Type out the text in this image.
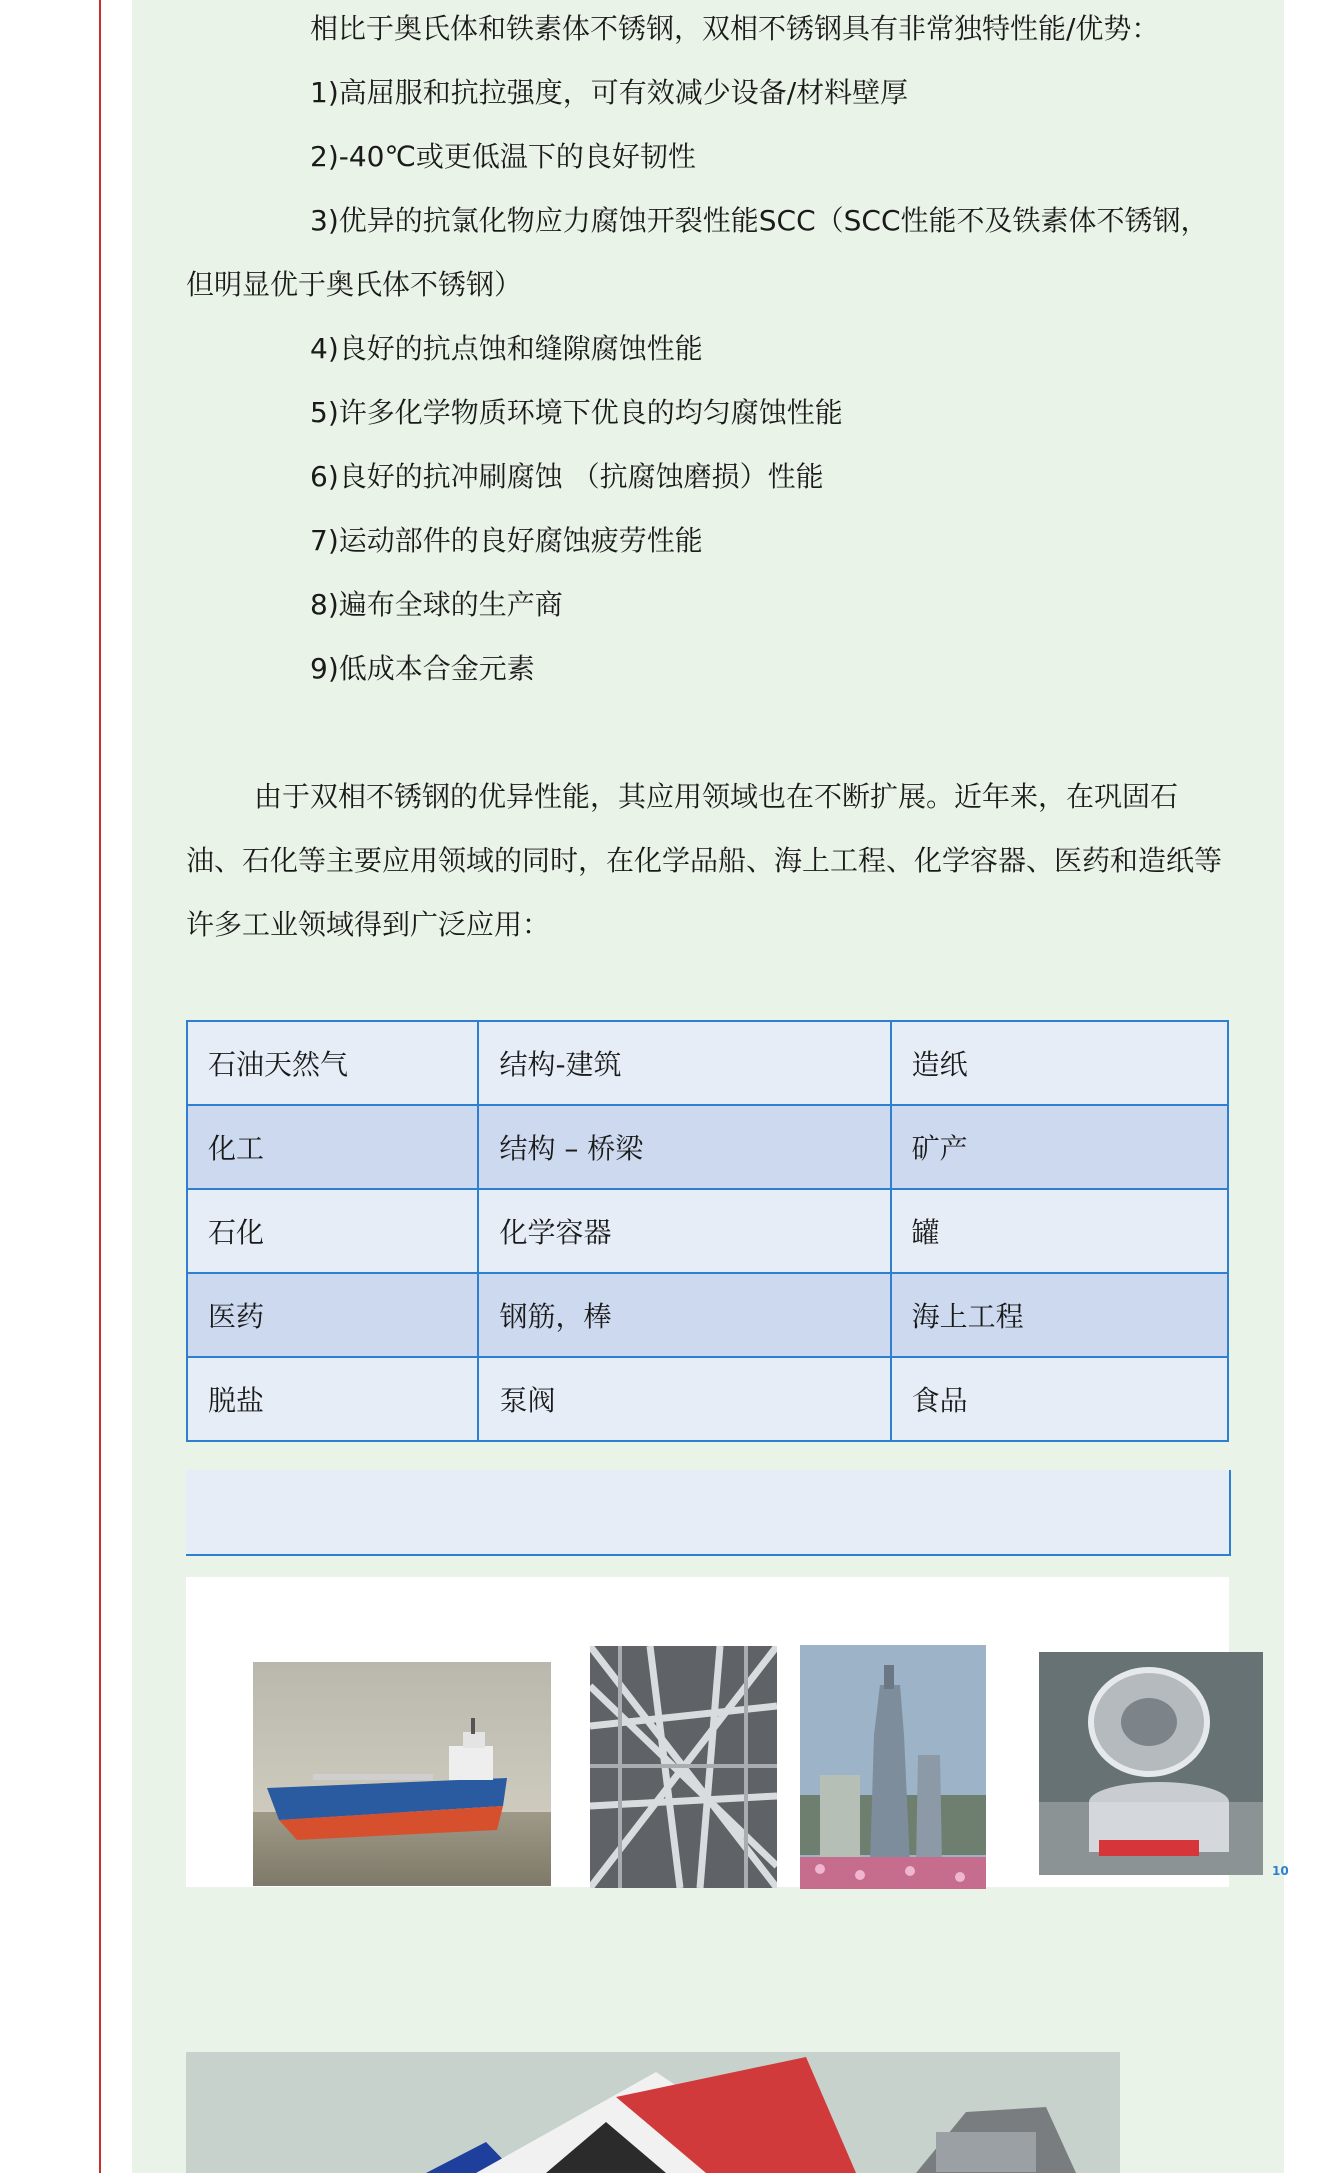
相比于奥氏体和铁素体不锈钢，双相不锈钢具有非常独特性能/优势：

1)高屈服和抗拉强度，可有效减少设备/材料壁厚

2)-40℃或更低温下的良好韧性

3)优异的抗氯化物应力腐蚀开裂性能SCC（SCC性能不及铁素体不锈钢，但明显优于奥氏体不锈钢）

4)良好的抗点蚀和缝隙腐蚀性能

5)许多化学物质环境下优良的均匀腐蚀性能

6)良好的抗冲刷腐蚀 （抗腐蚀磨损）性能

7)运动部件的良好腐蚀疲劳性能

8)遍布全球的生产商

9)低成本合金元素

由于双相不锈钢的优异性能，其应用领域也在不断扩展。近年来，在巩固石油、石化等主要应用领域的同时，在化学品船、海上工程、化学容器、医药和造纸等许多工业领域得到广泛应用：

石油天然气	结构-建筑	造纸
化工	结构 – 桥梁	矿产
石化	化学容器	罐
医药	钢筋，棒	海上工程
脱盐	泵阀	食品
10
